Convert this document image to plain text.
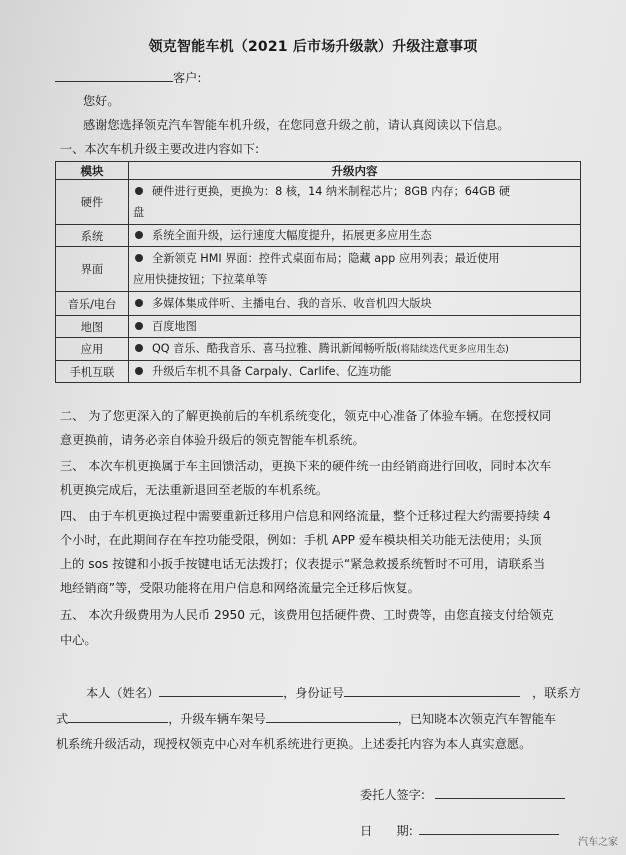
领克智能车机（2021 后市场升级款）升级注意事项
客户:
您好。
感谢您选择领克汽车智能车机升级，在您同意升级之前，请认真阅读以下信息。
一、本次车机升级主要改进内容如下:
模块	升级内容
硬件	硬件进行更换，更换为：8 核，14 纳米制程芯片；8GB 内存；64GB 硬
盘
系统	系统全面升级，运行速度大幅度提升，拓展更多应用生态
界面	全新领克 HMI 界面：控件式桌面布局；隐藏 app 应用列表；最近使用
应用快捷按钮；下拉菜单等
音乐/电台	多媒体集成伴听、主播电台、我的音乐、收音机四大版块
地图	百度地图
应用	QQ 音乐、酷我音乐、喜马拉雅、腾讯新闻畅听版(将陆续迭代更多应用生态)
手机互联	升级后车机不具备 Carpaly、Carlife、亿连功能
二、 为了您更深入的了解更换前后的车机系统变化，领克中心准备了体验车辆。在您授权同
意更换前，请务必亲自体验升级后的领克智能车机系统。
三、 本次车机更换属于车主回馈活动，更换下来的硬件统一由经销商进行回收，同时本次车
机更换完成后，无法重新退回至老版的车机系统。
四、 由于车机更换过程中需要重新迁移用户信息和网络流量，整个迁移过程大约需要持续 4
个小时，在此期间存在车控功能受限，例如：手机 APP 爱车模块相关功能无法使用；头顶
上的 sos 按键和小扳手按键电话无法拨打；仪表提示“紧急救援系统暂时不可用，请联系当
地经销商”等，受限功能将在用户信息和网络流量完全迁移后恢复。
五、 本次升级费用为人民币 2950 元，该费用包括硬件费、工时费等，由您直接支付给领克
中心。
本人（姓名）	，身份证号	，联系方
式	，升级车辆车架号	，已知晓本次领克汽车智能车
机系统升级活动，现授权领克中心对车机系统进行更换。上述委托内容为本人真实意愿。
委托人签字:
日　　期:
汽车之家
